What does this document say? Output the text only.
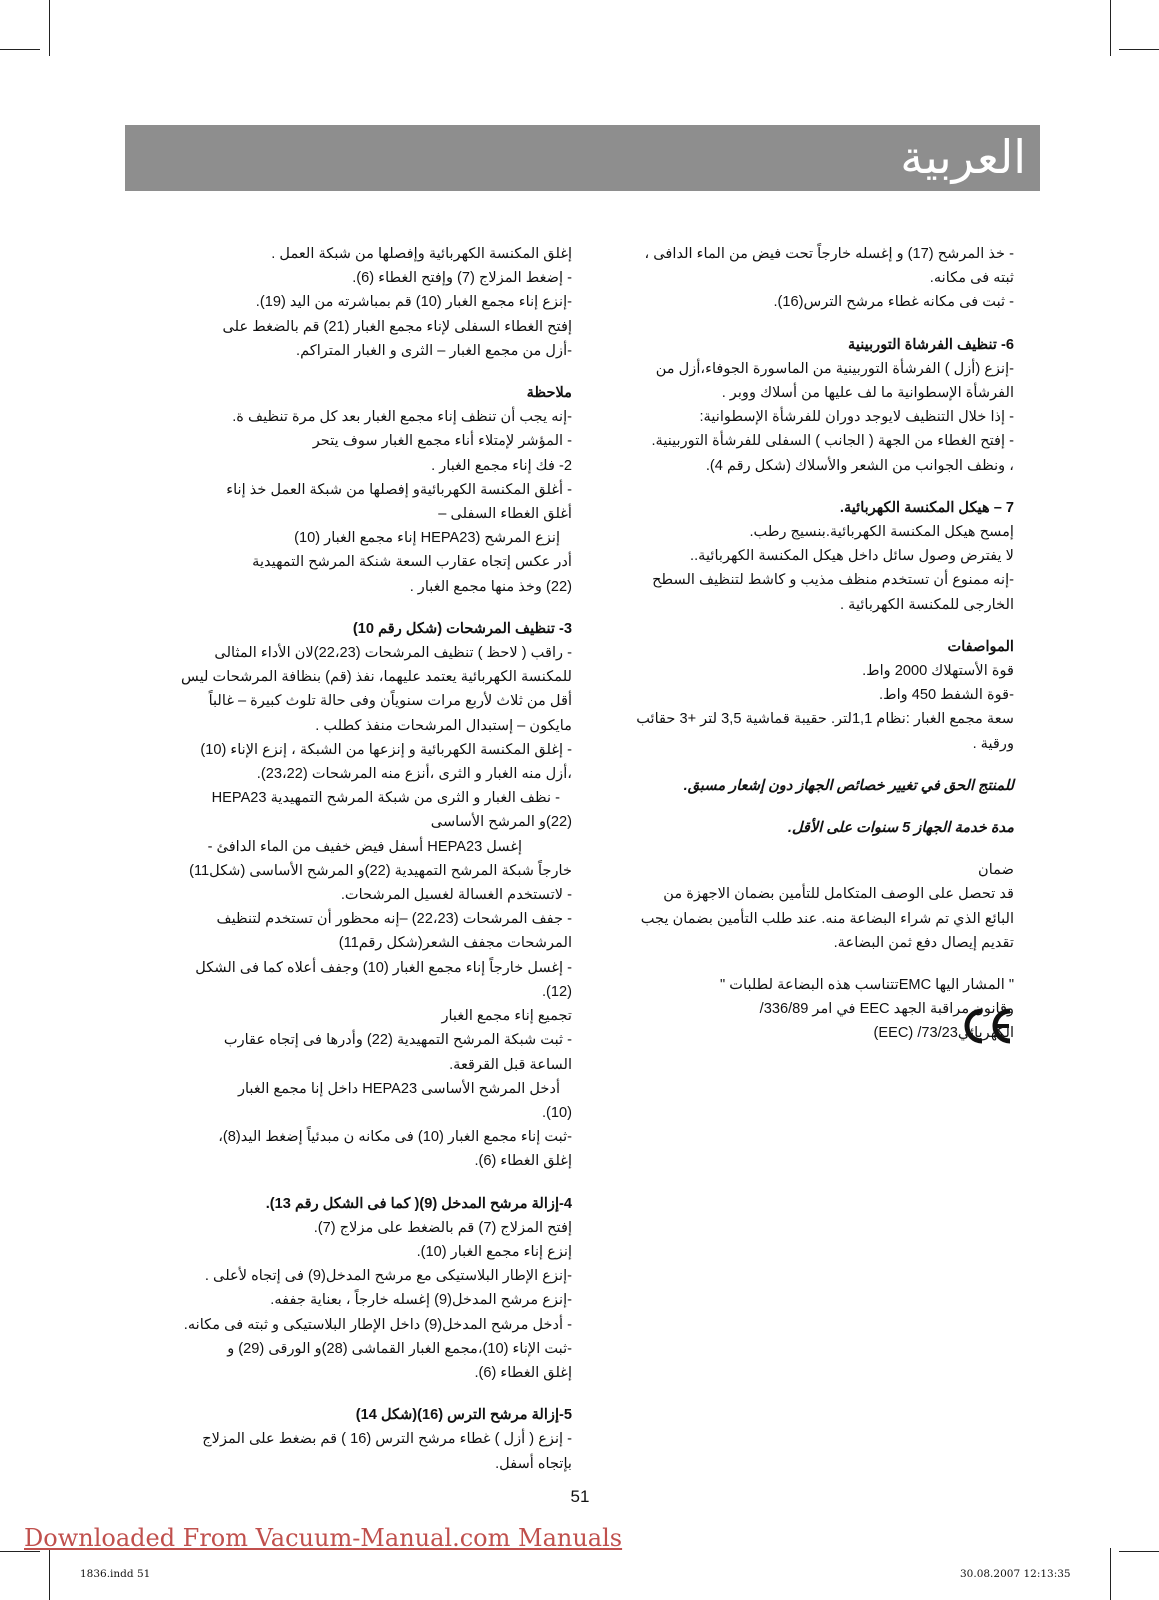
العربية

- خذ المرشح (17) و إغسله خارجاً تحت فيض من الماء الدافى ،

ثبته فى مكانه.

- ثبت فى مكانه غطاء مرشح الترس(16).

6- تنظيف الفرشاة التوربينية

-إنزع (أزل ) الفرشأة التوربينية من الماسورة الجوفاء،أزل من

الفرشأة الإسطوانية ما لف عليها من أسلاك ووبر .

- إذا خلال التنظيف لايوجد دوران للفرشأة الإسطوانية:

- إفتح الغطاء من الجهة ( الجانب ) السفلى للفرشأة التوربينية.

، ونظف الجوانب من الشعر والأسلاك (شكل رقم 4).

7 – هيكل المكنسة الكهربائية.

إمسح هيكل المكنسة الكهربائية.بنسيج رطب.

لا يفترض وصول سائل داخل هيكل المكنسة الكهربائية..

-إنه ممنوع أن تستخدم منظف مذيب و كاشط لتنظيف السطح

الخارجى للمكنسة الكهربائية .

المواصفات

قوة الأستهلاك 2000 واط.

-قوة الشفط 450 واط.

سعة مجمع الغبار :نظام 1,1لتر. حقيبة قماشية 3,5 لتر +3 حقائب

ورقية .

للمنتج الحق في تغيير خصائص الجهاز دون إشعار مسبق.

مدة خدمة الجهاز 5 سنوات على الأقل.

ضمان

قد تحصل على الوصف المتكامل للتأمين بضمان الاجهزة من

البائع الذي تم شراء البضاعة منه. عند طلب التأمين بضمان يجب

تقديم إيصال دفع ثمن البضاعة.

" المشار اليها EMCتتناسب هذه البضاعة لطلبات "

وقانون مراقبة الجهد EEC في امر 336/89/

الكهربائي73/23/ (EEC)

إغلق المكنسة الكهربائية وإفصلها من شبكة العمل .

- إضغط المزلاج (7) وإفتح الغطاء (6).

-إنزع إناء مجمع الغبار (10) قم بمباشرته من اليد (19).

إفتح الغطاء السفلى لإناء مجمع الغبار (21) قم بالضغط على

-أزل من مجمع الغبار – الثرى و الغبار المتراكم.

ملاحظة

-إنه يجب أن تنظف إناء مجمع الغبار بعد كل مرة تنظيف ة.

- المؤشر لإمتلاء أناء مجمع الغبار سوف يتحر

2- فك إناء مجمع الغبار .

- أغلق المكنسة الكهربائيةو إفصلها من شبكة العمل خذ إناء

أغلق الغطاء السفلى –

إنزع المرشح (HEPA23 إناء مجمع الغبار (10)

أدر عكس إتجاه عقارب السعة شنكة المرشح التمهيدية

(22) وخذ منها مجمع الغبار .

3- تنظيف المرشحات (شكل رقم 10)

- راقب ( لاحظ ) تنظيف المرشحات (22،23)لان الأداء المثالى

للمكنسة الكهربائية يعتمد عليهما، نفذ (قم) بنظافة المرشحات ليس

أقل من ثلاث لأربع مرات سنوياًن وفى حالة تلوث كبيرة – غالباً

مايكون – إستبدال المرشحات منفذ كطلب .

- إغلق المكنسة الكهربائية و إنزعها من الشبكة ، إنزع الإناء (10)

،أزل منه الغبار و الثرى ،أنزع منه المرشحات (23،22).

- نظف الغبار و الثرى من شبكة المرشح التمهيدية HEPA23

(22)و المرشح الأساسى

إغسل HEPA23 أسفل فيض خفيف من الماء الدافئ -

خارجاً شبكة المرشح التمهيدية (22)و المرشح الأساسى (شكل11)

- لاتستخدم الغسالة لغسيل المرشحات.

- جفف المرشحات (22،23) –إنه محظور أن تستخدم لتنظيف

المرشحات مجفف الشعر(شكل رقم11)

- إغسل خارجاً إناء مجمع الغبار (10) وجفف أعلاه كما فى الشكل

(12).

تجميع إناء مجمع الغبار

- ثبت شبكة المرشح التمهيدية (22) وأدرها فى إتجاه عقارب

الساعة قبل القرقعة.

أدخل المرشح الأساسى HEPA23 داخل إنا مجمع الغبار

(10).

-ثبت إناء مجمع الغبار (10) فى مكانه ن مبدئياً إضغط اليد(8)،

إغلق الغطاء (6).

4-إزالة مرشح المدخل (9)( كما فى الشكل رقم 13).

إفتح المزلاج (7) قم بالضغط على مزلاج (7).

إنزع إناء مجمع الغبار (10).

-إنزع الإطار البلاستيكى مع مرشح المدخل(9) فى إتجاه لأعلى .

-إنزع مرشح المدخل(9) إغسله خارجاً ، بعناية جففه.

- أدخل مرشح المدخل(9) داخل الإطار البلاستيكى و ثبته فى مكانه.

-ثبت الإناء (10)،مجمع الغبار القماشى (28)و الورقى (29) و

إغلق الغطاء (6).

5-إزالة مرشح الترس (16)(شكل 14)

- إنزع ( أزل ) غطاء مرشح الترس (16 ) قم بضغط على المزلاج

بإتجاه أسفل.

51
Downloaded From Vacuum-Manual.com Manuals
1836.indd 51	30.08.2007 12:13:35
